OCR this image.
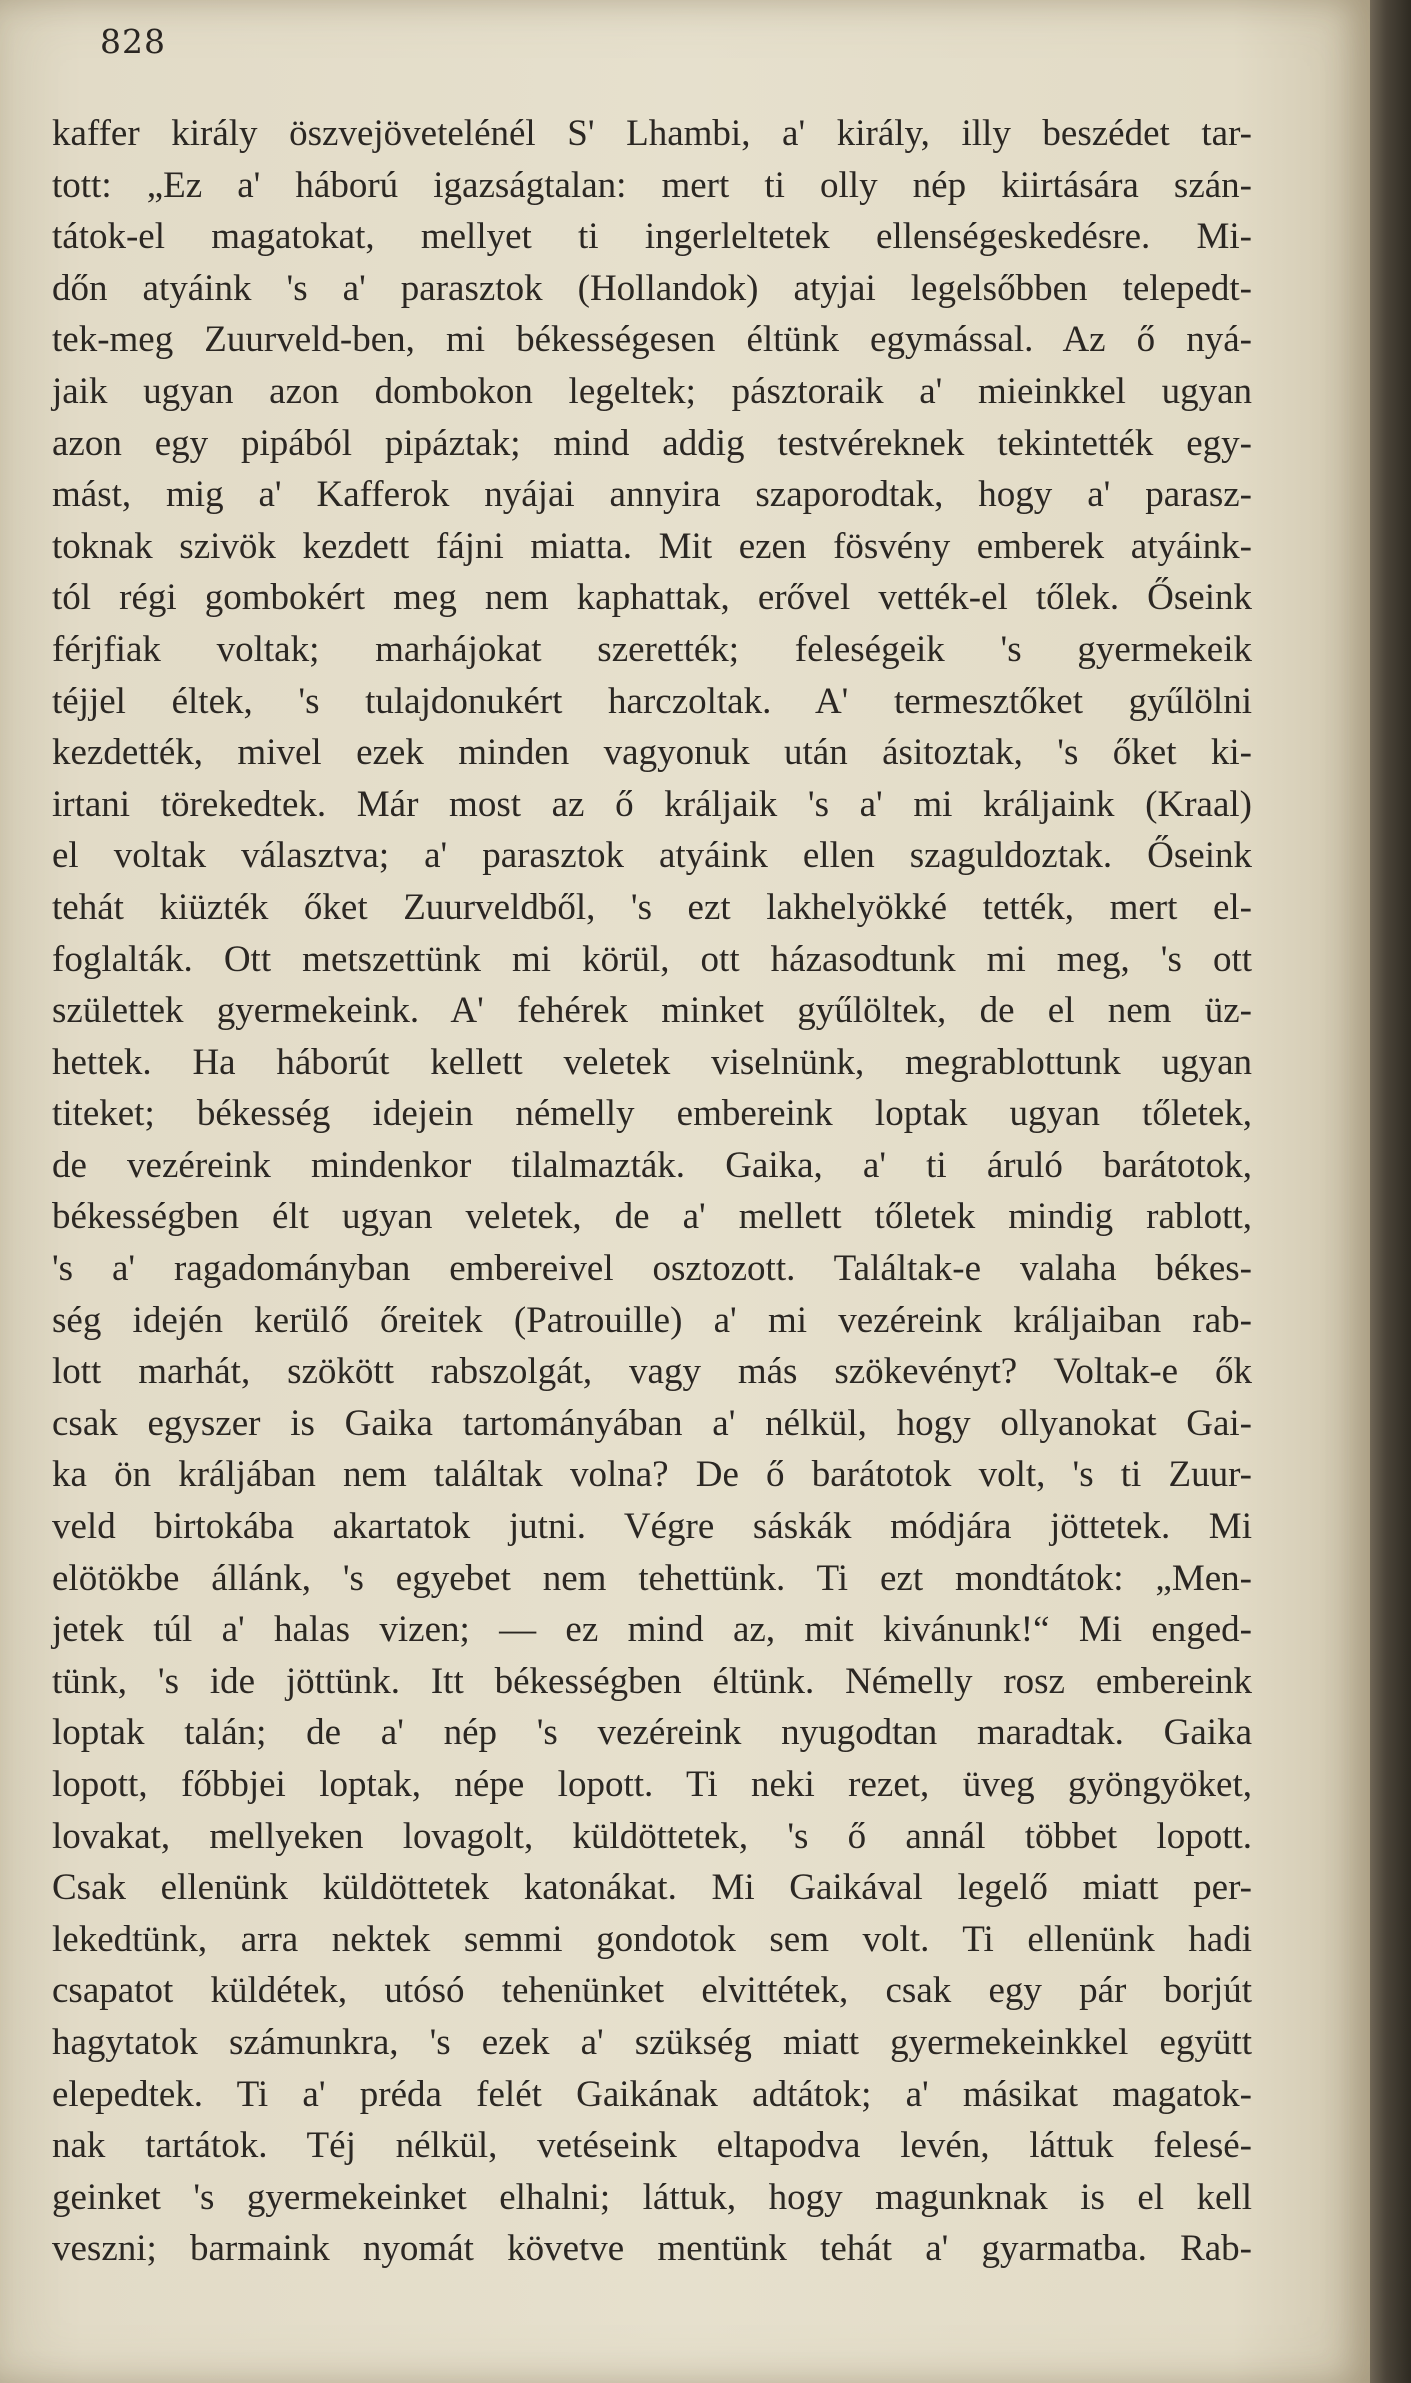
828
kaffer király öszvejövetelénél S' Lhambi, a' király, illy beszédet tar-
tott: „Ez a' háború igazságtalan: mert ti olly nép kiirtására szán-
tátok-el magatokat, mellyet ti ingerleltetek ellenségeskedésre. Mi-
dőn atyáink 's a' parasztok (Hollandok) atyjai legelsőbben telepedt-
tek-meg Zuurveld-ben, mi békességesen éltünk egymással. Az ő nyá-
jaik ugyan azon dombokon legeltek; pásztoraik a' mieinkkel ugyan
azon egy pipából pipáztak; mind addig testvéreknek tekintették egy-
mást, mig a' Kafferok nyájai annyira szaporodtak, hogy a' parasz-
toknak szivök kezdett fájni miatta. Mit ezen fösvény emberek atyáink-
tól régi gombokért meg nem kaphattak, erővel vették-el tőlek. Őseink
férjfiak voltak; marhájokat szerették; feleségeik 's gyermekeik
téjjel éltek, 's tulajdonukért harczoltak. A' termesztőket gyűlölni
kezdették, mivel ezek minden vagyonuk után ásitoztak, 's őket ki-
irtani törekedtek. Már most az ő králjaik 's a' mi králjaink (Kraal)
el voltak választva; a' parasztok atyáink ellen szaguldoztak. Őseink
tehát kiüzték őket Zuurveldből, 's ezt lakhelyökké tették, mert el-
foglalták. Ott metszettünk mi körül, ott házasodtunk mi meg, 's ott
születtek gyermekeink. A' fehérek minket gyűlöltek, de el nem üz-
hettek. Ha háborút kellett veletek viselnünk, megrablottunk ugyan
titeket; békesség idejein némelly embereink loptak ugyan tőletek,
de vezéreink mindenkor tilalmazták. Gaika, a' ti áruló barátotok,
békességben élt ugyan veletek, de a' mellett tőletek mindig rablott,
's a' ragadományban embereivel osztozott. Találtak-e valaha békes-
ség idején kerülő őreitek (Patrouille) a' mi vezéreink králjaiban rab-
lott marhát, szökött rabszolgát, vagy más szökevényt? Voltak-e ők
csak egyszer is Gaika tartományában a' nélkül, hogy ollyanokat Gai-
ka ön králjában nem találtak volna? De ő barátotok volt, 's ti Zuur-
veld birtokába akartatok jutni. Végre sáskák módjára jöttetek. Mi
elötökbe állánk, 's egyebet nem tehettünk. Ti ezt mondtátok: „Men-
jetek túl a' halas vizen; — ez mind az, mit kivánunk!“ Mi enged-
tünk, 's ide jöttünk. Itt békességben éltünk. Némelly rosz embereink
loptak talán; de a' nép 's vezéreink nyugodtan maradtak. Gaika
lopott, főbbjei loptak, népe lopott. Ti neki rezet, üveg gyöngyöket,
lovakat, mellyeken lovagolt, küldöttetek, 's ő annál többet lopott.
Csak ellenünk küldöttetek katonákat. Mi Gaikával legelő miatt per-
lekedtünk, arra nektek semmi gondotok sem volt. Ti ellenünk hadi
csapatot küldétek, utósó tehenünket elvittétek, csak egy pár borjút
hagytatok számunkra, 's ezek a' szükség miatt gyermekeinkkel együtt
elepedtek. Ti a' préda felét Gaikának adtátok; a' másikat magatok-
nak tartátok. Téj nélkül, vetéseink eltapodva levén, láttuk felesé-
geinket 's gyermekeinket elhalni; láttuk, hogy magunknak is el kell
veszni; barmaink nyomát követve mentünk tehát a' gyarmatba. Rab-
